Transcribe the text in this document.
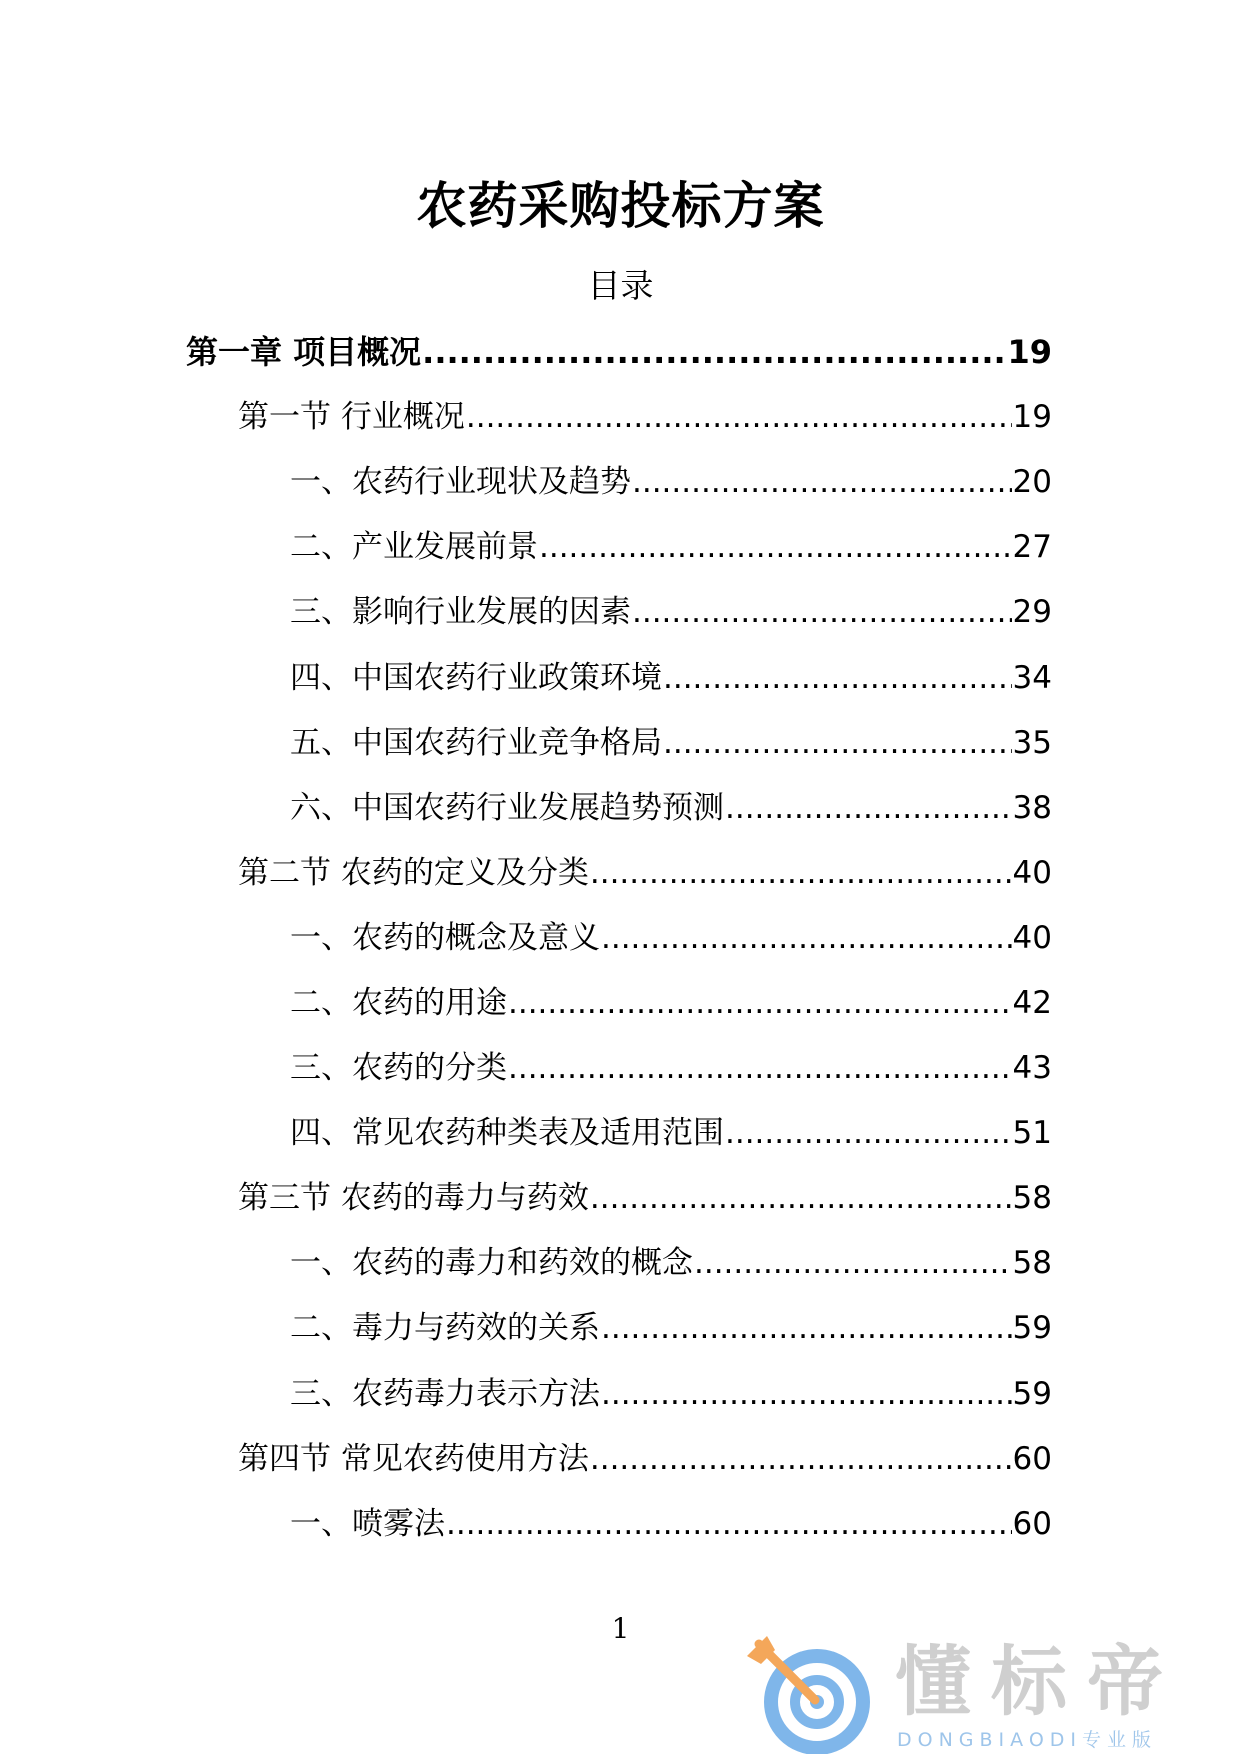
农药采购投标方案
目录
第一章 项目概况 .....	19
第一节 行业概况 .....	19
一、农药行业现状及趋势 .....	20
二、产业发展前景 .....	27
三、影响行业发展的因素 .....	29
四、中国农药行业政策环境 .....	34
五、中国农药行业竞争格局 .....	35
六、中国农药行业发展趋势预测 .....	38
第二节 农药的定义及分类 .....	40
一、农药的概念及意义 .....	40
二、农药的用途 .....	42
三、农药的分类 .....	43
四、常见农药种类表及适用范围 .....	51
第三节 农药的毒力与药效 .....	58
一、农药的毒力和药效的概念 .....	58
二、毒力与药效的关系 .....	59
三、农药毒力表示方法 .....	59
第四节 常见农药使用方法 .....	60
一、喷雾法 .....	60
1
懂标帝
DONGBIAODI专业版
